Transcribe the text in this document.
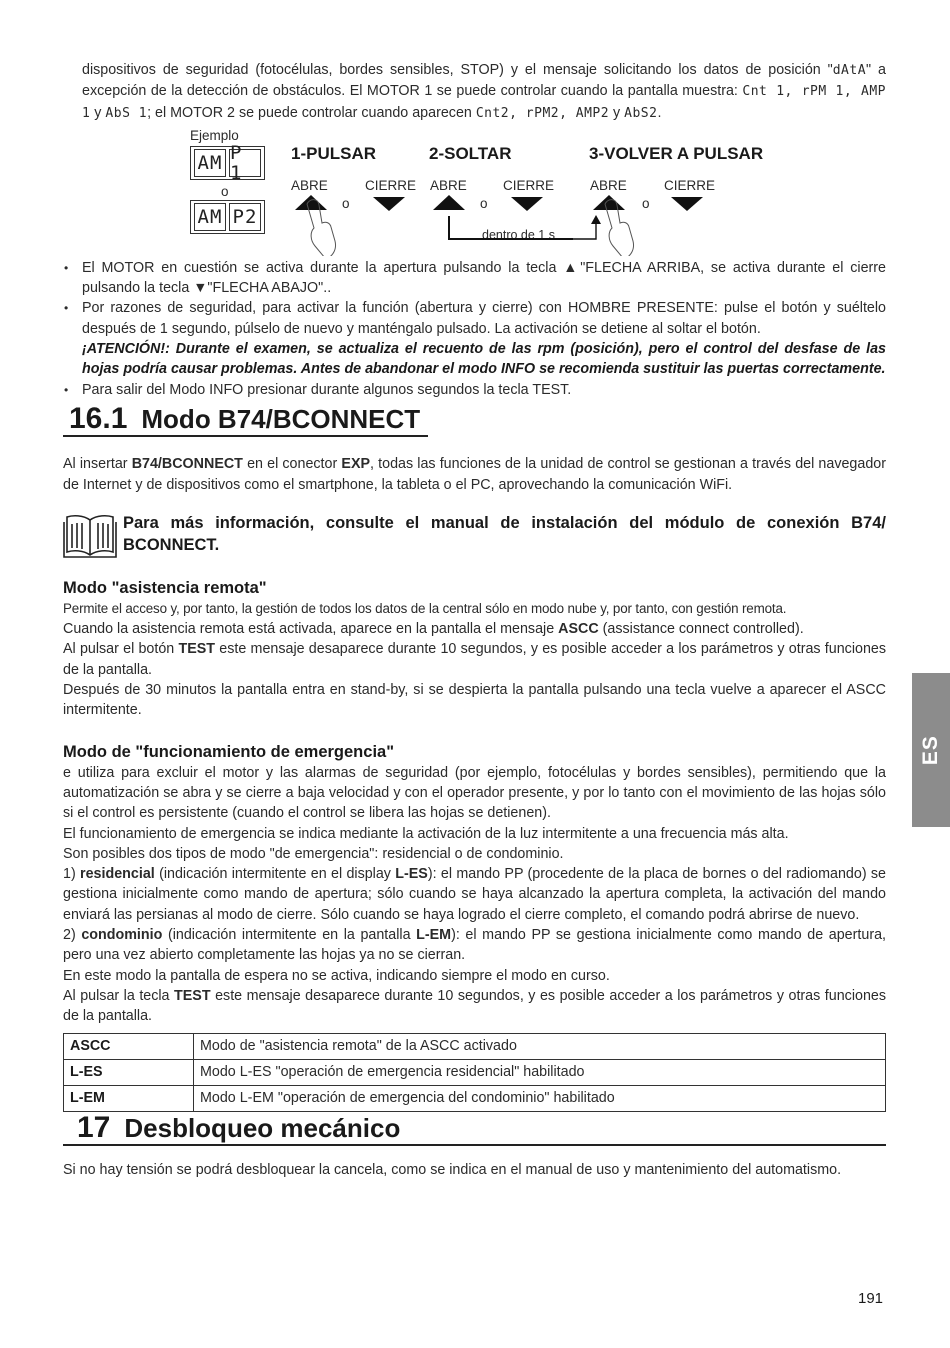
dispositivos de seguridad (fotocélulas, bordes sensibles, STOP) y el mensaje solicitando los datos de posición "dAtA" a excepción de la detección de obstáculos. El MOTOR 1 se puede controlar cuando la pantalla muestra: Cnt 1, rPM 1, AMP 1 y AbS 1; el MOTOR 2 se puede controlar cuando aparecen Cnt2, rPM2, AMP2 y AbS2.

Ejemplo
AM P 1
o
AM P2
1-PULSAR	2-SOLTAR	3-VOLVER A PULSAR
ABRE
o
CIERRE ABRE
o
CIERRE	ABRE
o
CIERRE
dentro de 1 s
• El MOTOR en cuestión se activa durante la apertura pulsando la tecla ▲"FLECHA ARRIBA, se activa durante el cierre pulsando la tecla ▼"FLECHA ABAJO"..
• Por razones de seguridad, para activar la función (abertura y cierre) con HOMBRE PRESENTE: pulse el botón y suéltelo después de 1 segundo, púlselo de nuevo y manténgalo pulsado. La activación se detiene al soltar el botón.
¡ATENCIÓN!: Durante el examen, se actualiza el recuento de las rpm (posición), pero el control del desfase de las hojas podría causar problemas. Antes de abandonar el modo INFO se recomienda sustituir las puertas correctamente.
• Para salir del Modo INFO presionar durante algunos segundos la tecla TEST.
16.1 Modo B74/BCONNECT

Al insertar B74/BCONNECT en el conector EXP, todas las funciones de la unidad de control se gestionan a través del navegador de Internet y de dispositivos como el smartphone, la tableta o el PC, aprovechando la comunicación WiFi.

Para más información, consulte el manual de instalación del módulo de conexión B74/ BCONNECT.
Modo "asistencia remota"

Permite el acceso y, por tanto, la gestión de todos los datos de la central sólo en modo nube y, por tanto, con gestión remota.

Cuando la asistencia remota está activada, aparece en la pantalla el mensaje ASCC (assistance connect controlled).

Al pulsar el botón TEST este mensaje desaparece durante 10 segundos, y es posible acceder a los parámetros y otras funciones de la pantalla.

Después de 30 minutos la pantalla entra en stand-by, si se despierta la pantalla pulsando una tecla vuelve a aparecer el ASCC intermitente.

Modo de "funcionamiento de emergencia"

e utiliza para excluir el motor y las alarmas de seguridad (por ejemplo, fotocélulas y bordes sensibles), permitiendo que la automatización se abra y se cierre a baja velocidad y con el operador presente, y por lo tanto con el movimiento de las hojas sólo si el control es persistente (cuando el control se libera las hojas se detienen).

El funcionamiento de emergencia se indica mediante la activación de la luz intermitente a una frecuencia más alta.

Son posibles dos tipos de modo "de emergencia": residencial o de condominio.

1) residencial (indicación intermitente en el display L-ES): el mando PP (procedente de la placa de bornes o del radiomando) se gestiona inicialmente como mando de apertura; sólo cuando se haya alcanzado la apertura completa, la activación del mando enviará las persianas al modo de cierre. Sólo cuando se haya logrado el cierre completo, el comando podrá abrirse de nuevo.

2) condominio (indicación intermitente en la pantalla L-EM): el mando PP se gestiona inicialmente como mando de apertura, pero una vez abierto completamente las hojas ya no se cierran.

En este modo la pantalla de espera no se activa, indicando siempre el modo en curso.

Al pulsar la tecla TEST este mensaje desaparece durante 10 segundos, y es posible acceder a los parámetros y otras funciones de la pantalla.

ASCC	Modo de "asistencia remota" de la ASCC activado
L-ES	Modo L-ES "operación de emergencia residencial" habilitado
L-EM	Modo L-EM "operación de emergencia del condominio" habilitado
17 Desbloqueo mecánico

Si no hay tensión se podrá desbloquear la cancela, como se indica en el manual de uso y mantenimiento del automatismo.

ES
191
